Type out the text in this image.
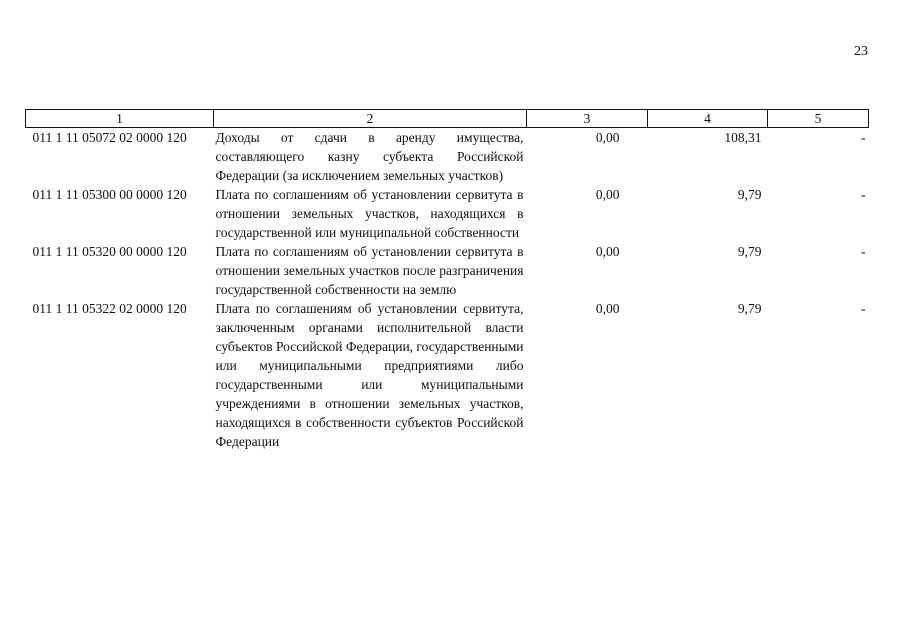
23
1	2	3	4	5
011 1 11 05072 02 0000 120	Доходы от сдачи в аренду имущества, составляющего казну субъекта Российской Федерации (за исключением земельных участков)	0,00	108,31	-
011 1 11 05300 00 0000 120	Плата по соглашениям об установлении сервитута в отношении земельных участков, находящихся в государственной или муниципальной собственности	0,00	9,79	-
011 1 11 05320 00 0000 120	Плата по соглашениям об установлении сервитута в отношении земельных участков после разграничения государственной собственности на землю	0,00	9,79	-
011 1 11 05322 02 0000 120	Плата по соглашениям об установлении сервитута, заключенным органами исполнительной власти субъектов Российской Федерации, государственными или муниципальными предприятиями либо государственными или муниципальными учреждениями в отношении земельных участков, находящихся в собственности субъектов Российской Федерации	0,00	9,79	-
